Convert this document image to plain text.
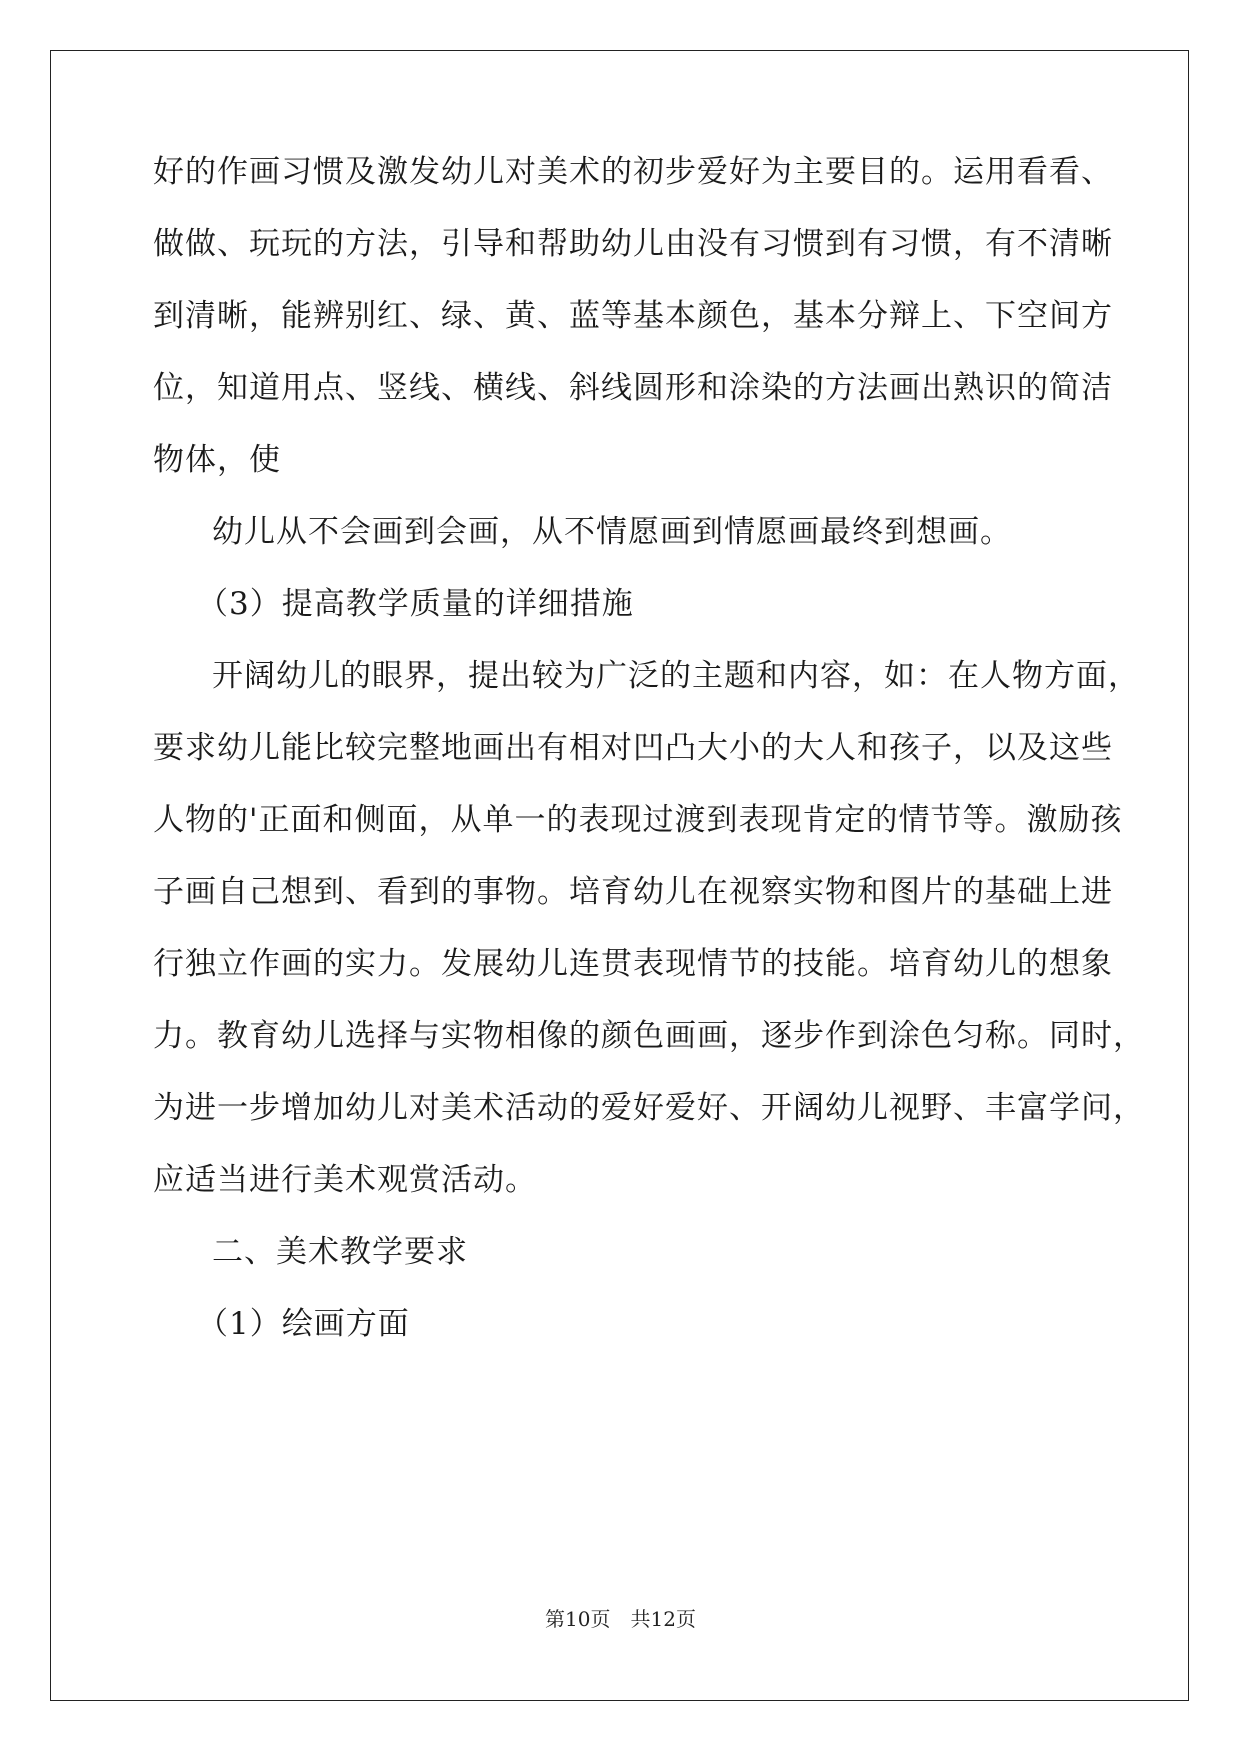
好的作画习惯及激发幼儿对美术的初步爱好为主要目的。运用看看、
做做、玩玩的方法，引导和帮助幼儿由没有习惯到有习惯，有不清晰
到清晰，能辨别红、绿、黄、蓝等基本颜色，基本分辩上、下空间方
位，知道用点、竖线、横线、斜线圆形和涂染的方法画出熟识的简洁
物体，使
幼儿从不会画到会画，从不情愿画到情愿画最终到想画。
（3）提高教学质量的详细措施
开阔幼儿的眼界，提出较为广泛的主题和内容，如：在人物方面，
要求幼儿能比较完整地画出有相对凹凸大小的大人和孩子，以及这些
人物的'正面和侧面，从单一的表现过渡到表现肯定的情节等。激励孩
子画自己想到、看到的事物。培育幼儿在视察实物和图片的基础上进
行独立作画的实力。发展幼儿连贯表现情节的技能。培育幼儿的想象
力。教育幼儿选择与实物相像的颜色画画，逐步作到涂色匀称。同时，
为进一步增加幼儿对美术活动的爱好爱好、开阔幼儿视野、丰富学问，
应适当进行美术观赏活动。
二、美术教学要求
（1）绘画方面
第10页　共12页
